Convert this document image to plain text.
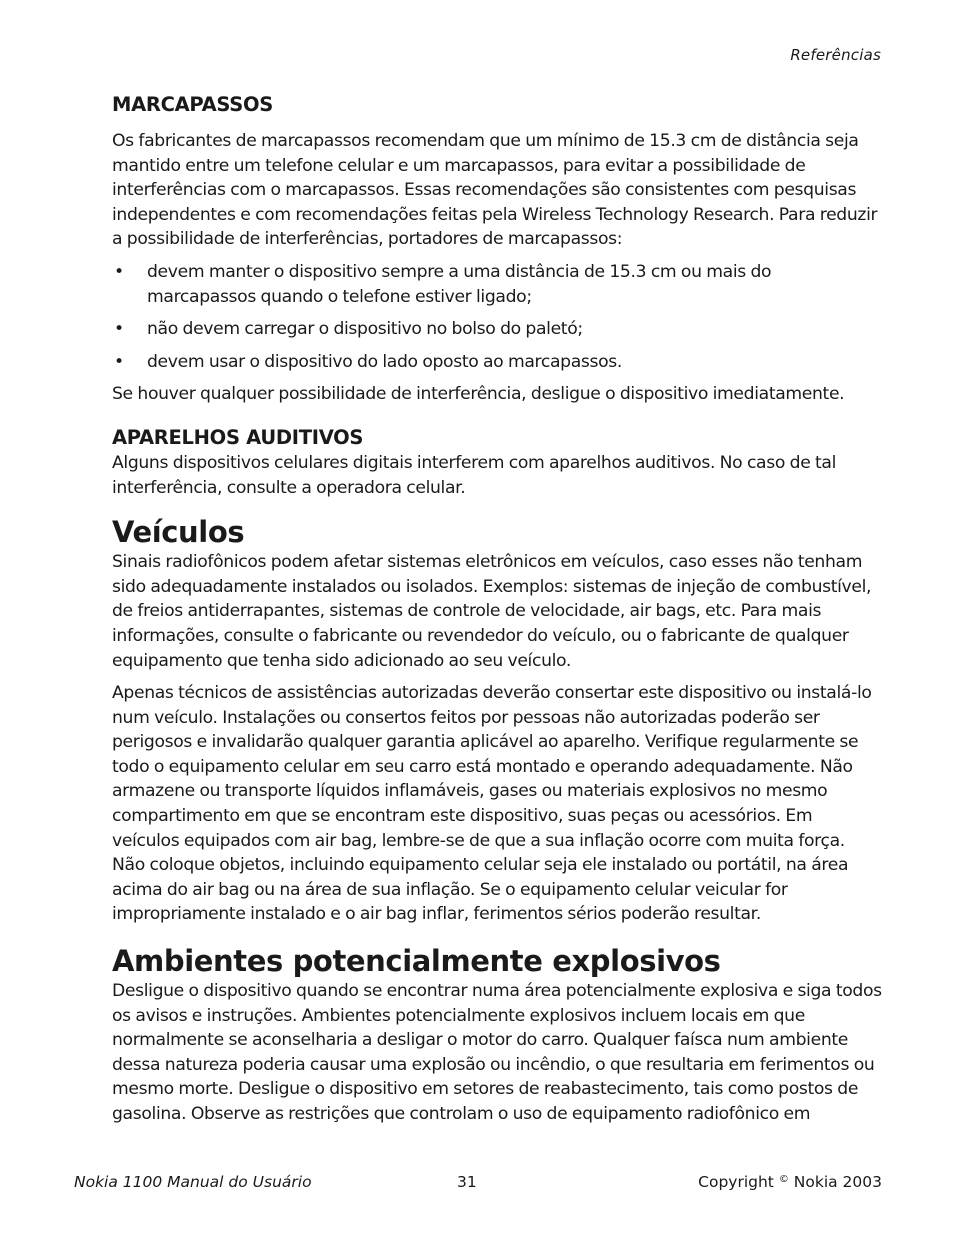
Referências
MARCAPASSOS

Os fabricantes de marcapassos recomendam que um mínimo de 15.3 cm de distância seja mantido entre um telefone celular e um marcapassos, para evitar a possibilidade de interferências com o marcapassos. Essas recomendações são consistentes com pesquisas independentes e com recomendações feitas pela Wireless Technology Research. Para reduzir a possibilidade de interferências, portadores de marcapassos:

• devem manter o dispositivo sempre a uma distância de 15.3 cm ou mais do marcapassos quando o telefone estiver ligado;
• não devem carregar o dispositivo no bolso do paletó;
• devem usar o dispositivo do lado oposto ao marcapassos.

Se houver qualquer possibilidade de interferência, desligue o dispositivo imediatamente.

APARELHOS AUDITIVOS

Alguns dispositivos celulares digitais interferem com aparelhos auditivos. No caso de tal interferência, consulte a operadora celular.

Veículos

Sinais radiofônicos podem afetar sistemas eletrônicos em veículos, caso esses não tenham sido adequadamente instalados ou isolados. Exemplos: sistemas de injeção de combustível, de freios antiderrapantes, sistemas de controle de velocidade, air bags, etc. Para mais informações, consulte o fabricante ou revendedor do veículo, ou o fabricante de qualquer equipamento que tenha sido adicionado ao seu veículo.

Apenas técnicos de assistências autorizadas deverão consertar este dispositivo ou instalá-lo num veículo. Instalações ou consertos feitos por pessoas não autorizadas poderão ser perigosos e invalidarão qualquer garantia aplicável ao aparelho. Verifique regularmente se todo o equipamento celular em seu carro está montado e operando adequadamente. Não armazene ou transporte líquidos inflamáveis, gases ou materiais explosivos no mesmo compartimento em que se encontram este dispositivo, suas peças ou acessórios. Em veículos equipados com air bag, lembre-se de que a sua inflação ocorre com muita força. Não coloque objetos, incluindo equipamento celular seja ele instalado ou portátil, na área acima do air bag ou na área de sua inflação. Se o equipamento celular veicular for impropriamente instalado e o air bag inflar, ferimentos sérios poderão resultar.

Ambientes potencialmente explosivos

Desligue o dispositivo quando se encontrar numa área potencialmente explosiva e siga todos os avisos e instruções. Ambientes potencialmente explosivos incluem locais em que normalmente se aconselharia a desligar o motor do carro. Qualquer faísca num ambiente dessa natureza poderia causar uma explosão ou incêndio, o que resultaria em ferimentos ou mesmo morte. Desligue o dispositivo em setores de reabastecimento, tais como postos de gasolina. Observe as restrições que controlam o uso de equipamento radiofônico em

Nokia 1100 Manual do Usuário	31	Copyright © Nokia 2003
